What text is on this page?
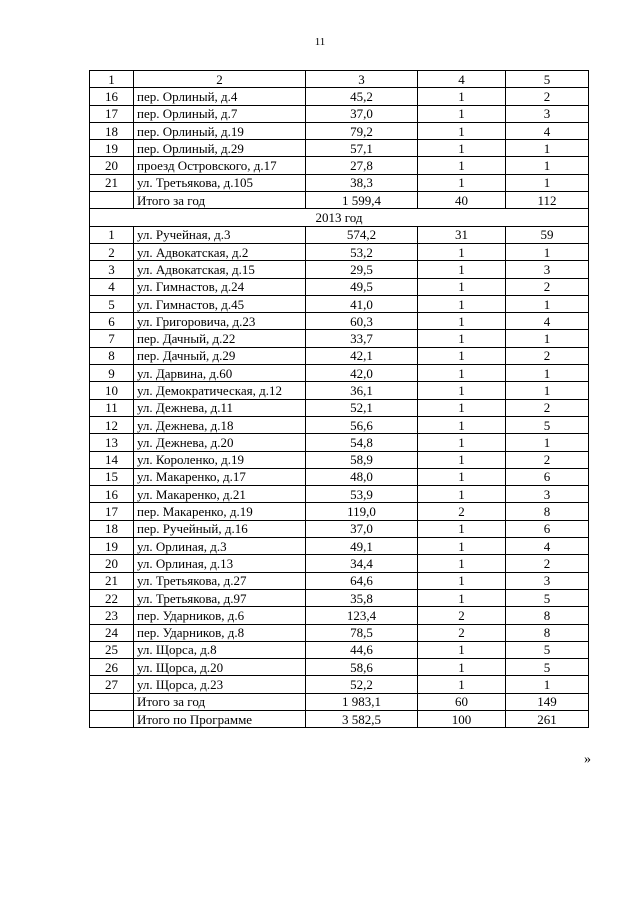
11
1	2	3	4	5
16	пер. Орлиный, д.4	45,2	1	2
17	пер. Орлиный, д.7	37,0	1	3
18	пер. Орлиный, д.19	79,2	1	4
19	пер. Орлиный, д.29	57,1	1	1
20	проезд Островского, д.17	27,8	1	1
21	ул. Третьякова, д.105	38,3	1	1
	Итого за год	1 599,4	40	112
2013 год				
1	ул. Ручейная, д.3	574,2	31	59
2	ул. Адвокатская, д.2	53,2	1	1
3	ул. Адвокатская, д.15	29,5	1	3
4	ул. Гимнастов, д.24	49,5	1	2
5	ул. Гимнастов, д.45	41,0	1	1
6	ул. Григоровича, д.23	60,3	1	4
7	пер. Дачный, д.22	33,7	1	1
8	пер. Дачный, д.29	42,1	1	2
9	ул. Дарвина, д.60	42,0	1	1
10	ул. Демократическая, д.12	36,1	1	1
11	ул. Дежнева, д.11	52,1	1	2
12	ул. Дежнева, д.18	56,6	1	5
13	ул. Дежнева, д.20	54,8	1	1
14	ул. Короленко, д.19	58,9	1	2
15	ул. Макаренко, д.17	48,0	1	6
16	ул. Макаренко, д.21	53,9	1	3
17	пер. Макаренко, д.19	119,0	2	8
18	пер. Ручейный, д.16	37,0	1	6
19	ул. Орлиная, д.3	49,1	1	4
20	ул. Орлиная, д.13	34,4	1	2
21	ул. Третьякова, д.27	64,6	1	3
22	ул. Третьякова, д.97	35,8	1	5
23	пер. Ударников, д.6	123,4	2	8
24	пер. Ударников, д.8	78,5	2	8
25	ул. Щорса, д.8	44,6	1	5
26	ул. Щорса, д.20	58,6	1	5
27	ул. Щорса, д.23	52,2	1	1
	Итого за год	1 983,1	60	149
	Итого по Программе	3 582,5	100	261
»
